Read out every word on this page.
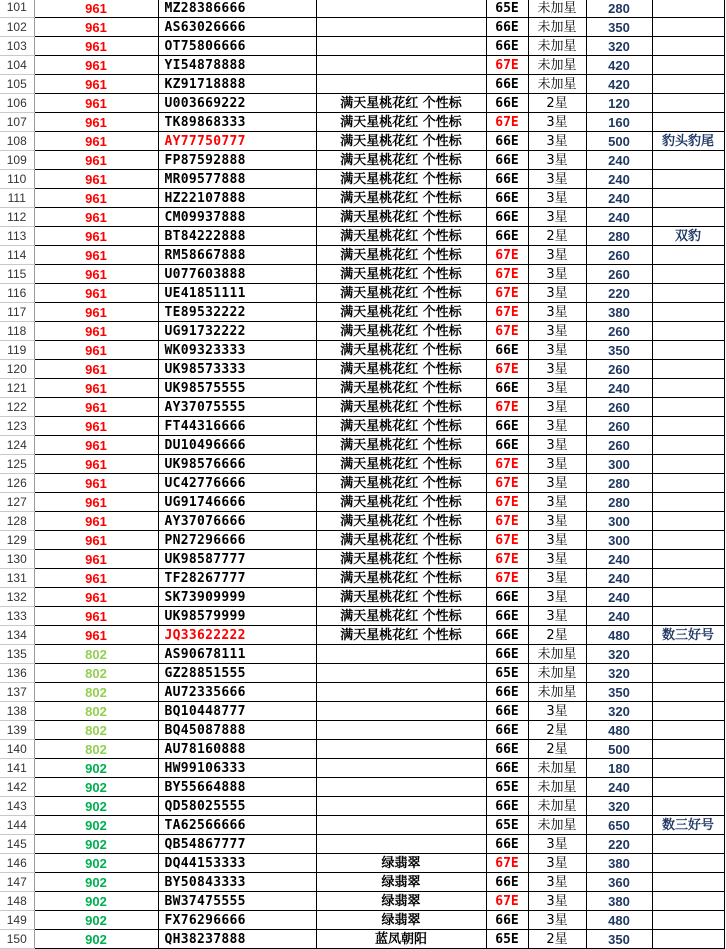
101	961	MZ28386666		65E	未加星	280	
102	961	AS63026666		66E	未加星	350	
103	961	OT75806666		66E	未加星	320	
104	961	YI54878888		67E	未加星	420	
105	961	KZ91718888		66E	未加星	420	
106	961	U003669222	满天星桃花红 个性标	66E	2星	120	
107	961	TK89868333	满天星桃花红 个性标	67E	3星	160	
108	961	AY77750777	满天星桃花红 个性标	66E	3星	500	豹头豹尾
109	961	FP87592888	满天星桃花红 个性标	66E	3星	240	
110	961	MR09577888	满天星桃花红 个性标	66E	3星	240	
111	961	HZ22107888	满天星桃花红 个性标	66E	3星	240	
112	961	CM09937888	满天星桃花红 个性标	66E	3星	240	
113	961	BT84222888	满天星桃花红 个性标	66E	2星	280	双豹
114	961	RM58667888	满天星桃花红 个性标	67E	3星	260	
115	961	U077603888	满天星桃花红 个性标	67E	3星	260	
116	961	UE41851111	满天星桃花红 个性标	67E	3星	220	
117	961	TE89532222	满天星桃花红 个性标	67E	3星	380	
118	961	UG91732222	满天星桃花红 个性标	67E	3星	260	
119	961	WK09323333	满天星桃花红 个性标	66E	3星	350	
120	961	UK98573333	满天星桃花红 个性标	67E	3星	260	
121	961	UK98575555	满天星桃花红 个性标	66E	3星	240	
122	961	AY37075555	满天星桃花红 个性标	67E	3星	260	
123	961	FT44316666	满天星桃花红 个性标	66E	3星	260	
124	961	DU10496666	满天星桃花红 个性标	66E	3星	260	
125	961	UK98576666	满天星桃花红 个性标	67E	3星	300	
126	961	UC42776666	满天星桃花红 个性标	67E	3星	280	
127	961	UG91746666	满天星桃花红 个性标	67E	3星	280	
128	961	AY37076666	满天星桃花红 个性标	67E	3星	300	
129	961	PN27296666	满天星桃花红 个性标	67E	3星	300	
130	961	UK98587777	满天星桃花红 个性标	67E	3星	240	
131	961	TF28267777	满天星桃花红 个性标	67E	3星	240	
132	961	SK73909999	满天星桃花红 个性标	66E	3星	240	
133	961	UK98579999	满天星桃花红 个性标	66E	3星	240	
134	961	JQ33622222	满天星桃花红 个性标	66E	2星	480	数三好号
135	802	AS90678111		66E	未加星	320	
136	802	GZ28851555		65E	未加星	320	
137	802	AU72335666		66E	未加星	350	
138	802	BQ10448777		66E	3星	320	
139	802	BQ45087888		66E	2星	480	
140	802	AU78160888		66E	2星	500	
141	902	HW99106333		66E	未加星	180	
142	902	BY55664888		65E	未加星	240	
143	902	QD58025555		66E	未加星	320	
144	902	TA62566666		65E	未加星	650	数三好号
145	902	QB54867777		66E	3星	220	
146	902	DQ44153333	绿翡翠	67E	3星	380	
147	902	BY50843333	绿翡翠	66E	3星	360	
148	902	BW37475555	绿翡翠	67E	3星	380	
149	902	FX76296666	绿翡翠	66E	3星	480	
150	902	QH38237888	蓝凤朝阳	65E	2星	350	
